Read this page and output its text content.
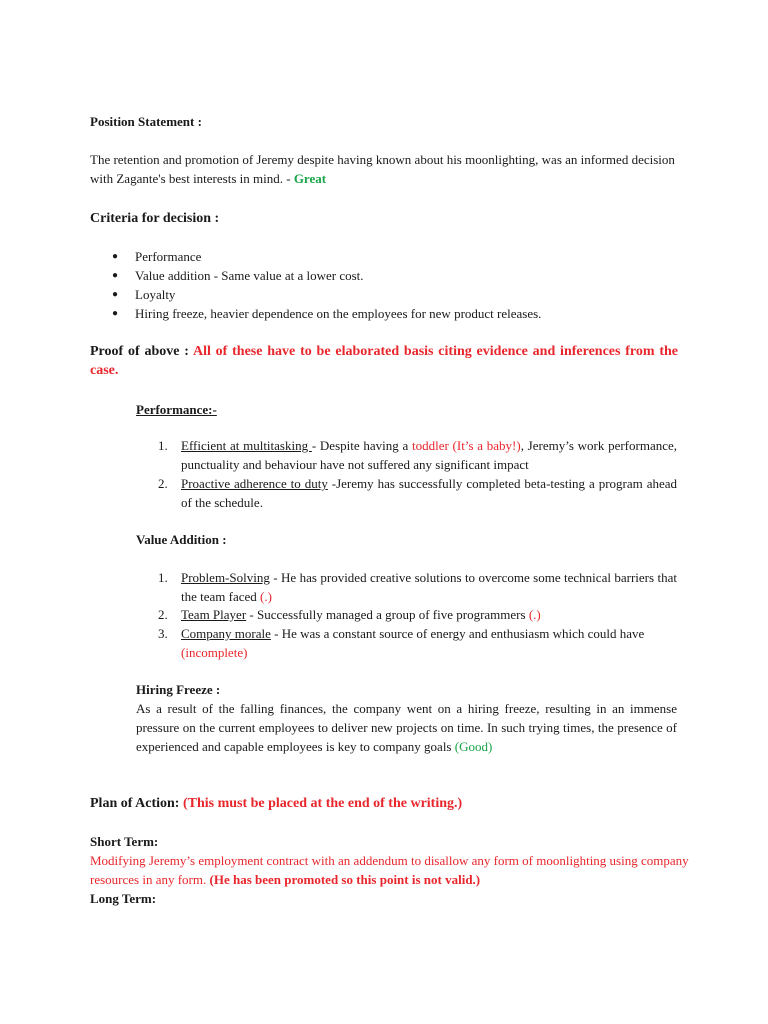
Position Statement :
The retention and promotion of Jeremy despite having known about his moonlighting, was an informed decision with Zagante's best interests in mind. - Great
Criteria for decision :
● Performance
● Value addition - Same value at a lower cost.
● Loyalty
● Hiring freeze, heavier dependence on the employees for new product releases.
Proof of above : All of these have to be elaborated basis citing evidence and inferences from the case.
Performance:-
1.	Efficient at multitasking - Despite having a toddler (It’s a baby!), Jeremy’s work performance, punctuality and behaviour have not suffered any significant impact
2.	Proactive adherence to duty -Jeremy has successfully completed beta-testing a program ahead of the schedule.
Value Addition :
1.	Problem-Solving - He has provided creative solutions to overcome some technical barriers that the team faced (.)
2.	Team Player - Successfully managed a group of five programmers (.)
3.	Company morale - He was a constant source of energy and enthusiasm which could have (incomplete)
Hiring Freeze :
As a result of the falling finances, the company went on a hiring freeze, resulting in an immense pressure on the current employees to deliver new projects on time. In such trying times, the presence of experienced and capable employees is key to company goals (Good)
Plan of Action: (This must be placed at the end of the writing.)
Short Term:
Modifying Jeremy’s employment contract with an addendum to disallow any form of moonlighting using company resources in any form. (He has been promoted so this point is not valid.)
Long Term:
